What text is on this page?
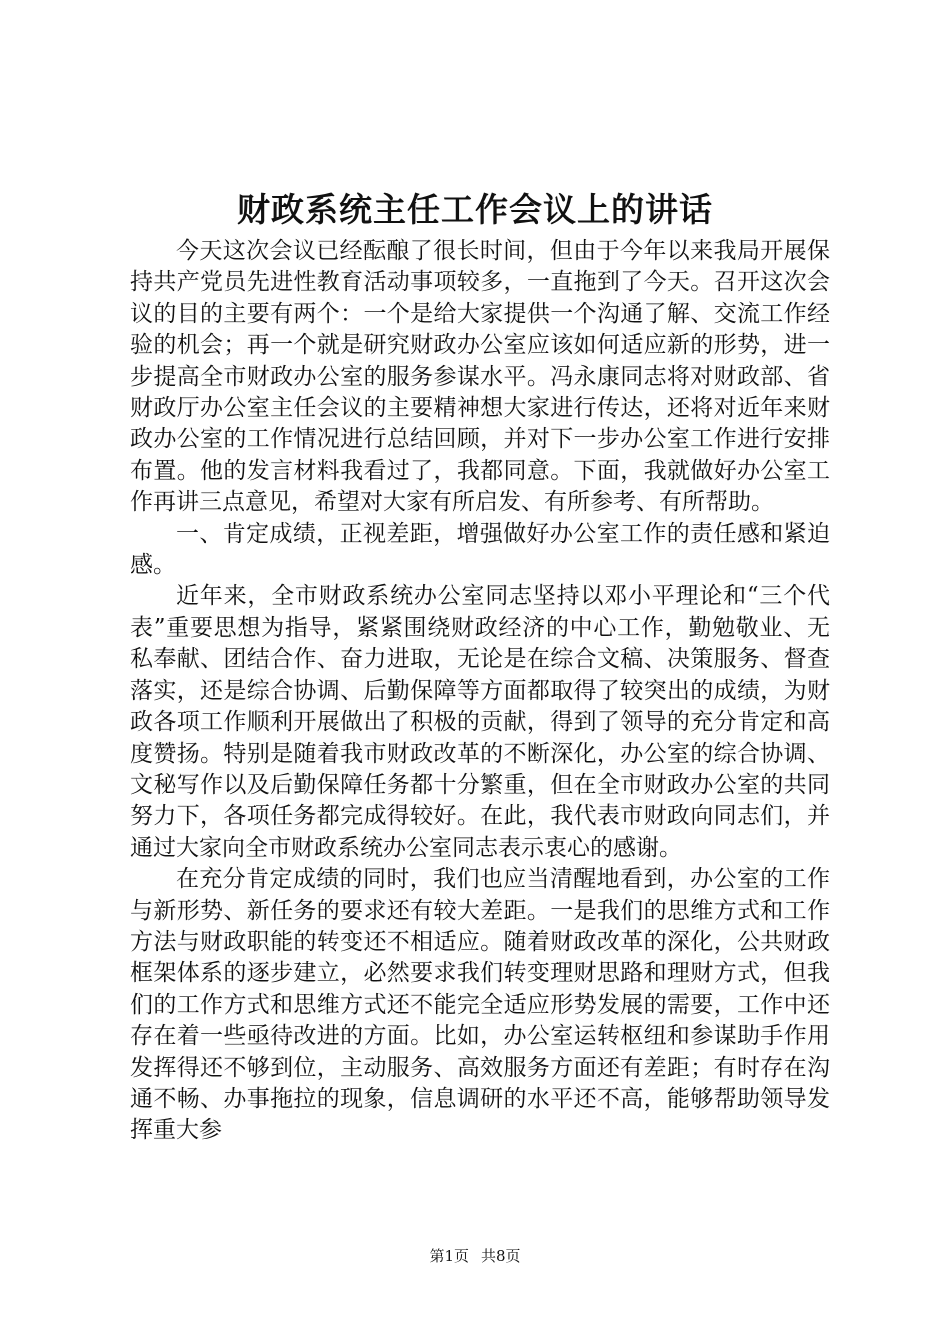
财政系统主任工作会议上的讲话

今天这次会议已经酝酿了很长时间，但由于今年以来我局开展保持共产党员先进性教育活动事项较多，一直拖到了今天。召开这次会议的目的主要有两个：一个是给大家提供一个沟通了解、交流工作经验的机会；再一个就是研究财政办公室应该如何适应新的形势，进一步提高全市财政办公室的服务参谋水平。冯永康同志将对财政部、省财政厅办公室主任会议的主要精神想大家进行传达，还将对近年来财政办公室的工作情况进行总结回顾，并对下一步办公室工作进行安排布置。他的发言材料我看过了，我都同意。下面，我就做好办公室工作再讲三点意见，希望对大家有所启发、有所参考、有所帮助。

一、肯定成绩，正视差距，增强做好办公室工作的责任感和紧迫感。

近年来，全市财政系统办公室同志坚持以邓小平理论和“三个代表”重要思想为指导，紧紧围绕财政经济的中心工作，勤勉敬业、无私奉献、团结合作、奋力进取，无论是在综合文稿、决策服务、督查落实，还是综合协调、后勤保障等方面都取得了较突出的成绩，为财政各项工作顺利开展做出了积极的贡献，得到了领导的充分肯定和高度赞扬。特别是随着我市财政改革的不断深化，办公室的综合协调、文秘写作以及后勤保障任务都十分繁重，但在全市财政办公室的共同努力下，各项任务都完成得较好。在此，我代表市财政向同志们，并通过大家向全市财政系统办公室同志表示衷心的感谢。

在充分肯定成绩的同时，我们也应当清醒地看到，办公室的工作与新形势、新任务的要求还有较大差距。一是我们的思维方式和工作方法与财政职能的转变还不相适应。随着财政改革的深化，公共财政框架体系的逐步建立，必然要求我们转变理财思路和理财方式，但我们的工作方式和思维方式还不能完全适应形势发展的需要，工作中还存在着一些亟待改进的方面。比如，办公室运转枢纽和参谋助手作用发挥得还不够到位，主动服务、高效服务方面还有差距；有时存在沟通不畅、办事拖拉的现象，信息调研的水平还不高，能够帮助领导发挥重大参

第1页 共8页
